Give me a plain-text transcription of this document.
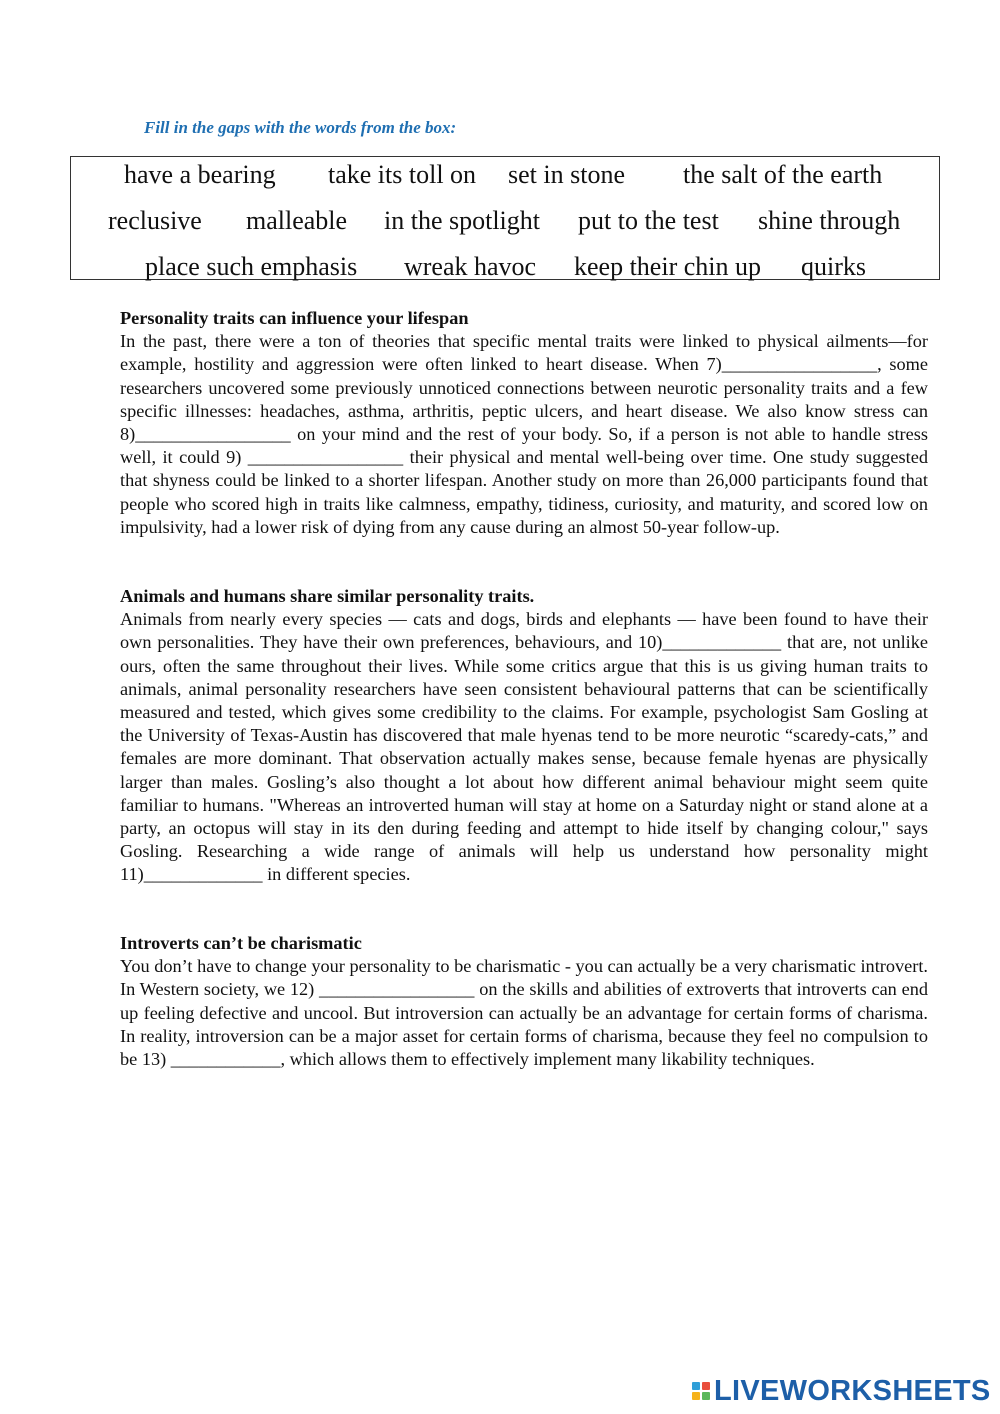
Fill in the gaps with the words from the box:
have a bearing take its toll on set in stone the salt of the earth
reclusive malleable in the spotlight put to the test shine through
place such emphasis wreak havoc keep their chin up quirks
Personality traits can influence your lifespan

In the past, there were a ton of theories that specific mental traits were linked to physical ailments—for example, hostility and aggression were often linked to heart disease. When 7)_________________, some researchers uncovered some previously unnoticed connections between neurotic personality traits and a few specific illnesses: headaches, asthma, arthritis, peptic ulcers, and heart disease. We also know stress can 8)_________________ on your mind and the rest of your body. So, if a person is not able to handle stress well, it could 9) _________________ their physical and mental well-being over time. One study suggested that shyness could be linked to a shorter lifespan. Another study on more than 26,000 participants found that people who scored high in traits like calmness, empathy, tidiness, curiosity, and maturity, and scored low on impulsivity, had a lower risk of dying from any cause during an almost 50-year follow-up.

Animals and humans share similar personality traits.

Animals from nearly every species — cats and dogs, birds and elephants — have been found to have their own personalities. They have their own preferences, behaviours, and 10)_____________ that are, not unlike ours, often the same throughout their lives. While some critics argue that this is us giving human traits to animals, animal personality researchers have seen consistent behavioural patterns that can be scientifically measured and tested, which gives some credibility to the claims. For example, psychologist Sam Gosling at the University of Texas-Austin has discovered that male hyenas tend to be more neurotic “scaredy-cats,” and females are more dominant. That observation actually makes sense, because female hyenas are physically larger than males. Gosling’s also thought a lot about how different animal behaviour might seem quite familiar to humans. "Whereas an introverted human will stay at home on a Saturday night or stand alone at a party, an octopus will stay in its den during feeding and attempt to hide itself by changing colour," says Gosling. Researching a wide range of animals will help us understand how personality might 11)_____________ in different species.

Introverts can’t be charismatic

You don’t have to change your personality to be charismatic - you can actually be a very charismatic introvert. In Western society, we 12) _________________ on the skills and abilities of extroverts that introverts can end up feeling defective and uncool. But introversion can actually be an advantage for certain forms of charisma. In reality, introversion can be a major asset for certain forms of charisma, because they feel no compulsion to be 13) ____________, which allows them to effectively implement many likability techniques.

LIVEWORKSHEETS
